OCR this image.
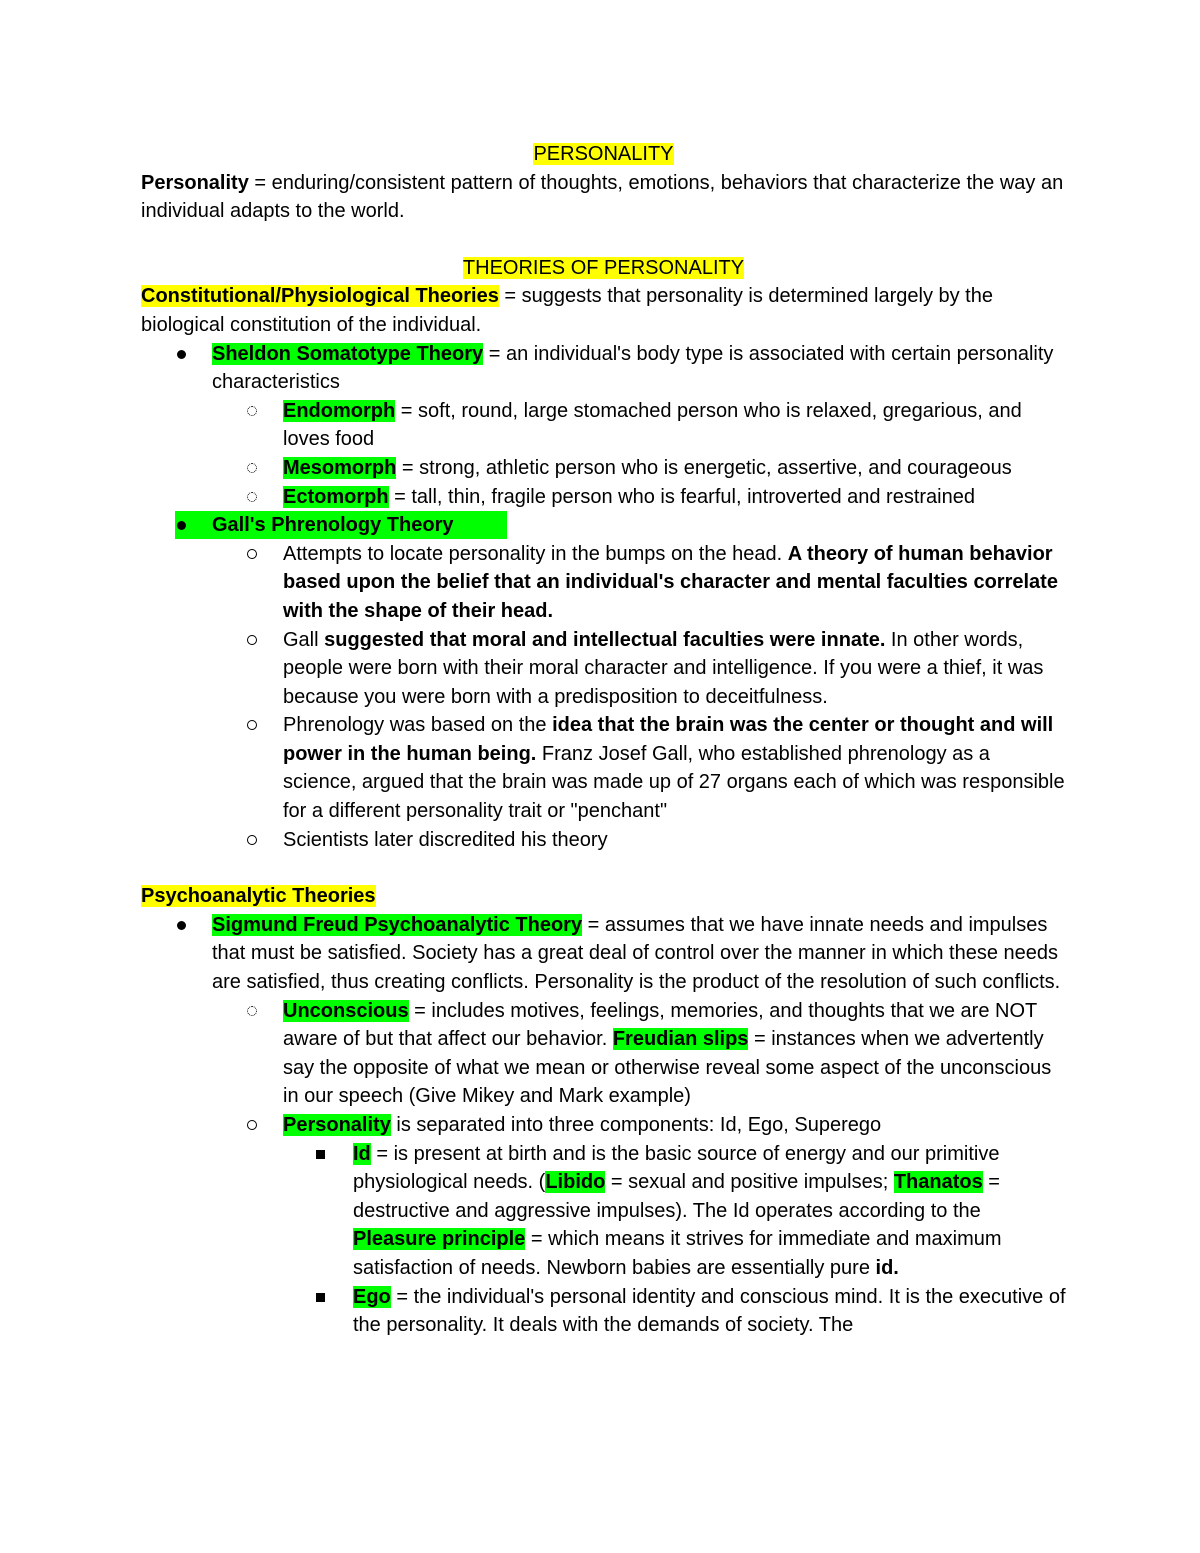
PERSONALITY

Personality = enduring/consistent pattern of thoughts, emotions, behaviors that characterize the way an individual adapts to the world.

THEORIES OF PERSONALITY

Constitutional/Physiological Theories = suggests that personality is determined largely by the biological constitution of the individual.

Sheldon Somatotype Theory = an individual's body type is associated with certain personality characteristics
Endomorph = soft, round, large stomached person who is relaxed, gregarious, and loves food
Mesomorph = strong, athletic person who is energetic, assertive, and courageous
Ectomorph = tall, thin, fragile person who is fearful, introverted and restrained
Gall's Phrenology Theory
Attempts to locate personality in the bumps on the head. A theory of human behavior based upon the belief that an individual's character and mental faculties correlate with the shape of their head.
Gall suggested that moral and intellectual faculties were innate. In other words, people were born with their moral character and intelligence. If you were a thief, it was because you were born with a predisposition to deceitfulness.
Phrenology was based on the idea that the brain was the center or thought and will power in the human being. Franz Josef Gall, who established phrenology as a science, argued that the brain was made up of 27 organs each of which was responsible for a different personality trait or "penchant"
Scientists later discredited his theory

Psychoanalytic Theories

Sigmund Freud Psychoanalytic Theory = assumes that we have innate needs and impulses that must be satisfied. Society has a great deal of control over the manner in which these needs are satisfied, thus creating conflicts. Personality is the product of the resolution of such conflicts.
Unconscious = includes motives, feelings, memories, and thoughts that we are NOT aware of but that affect our behavior. Freudian slips = instances when we advertently say the opposite of what we mean or otherwise reveal some aspect of the unconscious in our speech (Give Mikey and Mark example)
Personality is separated into three components: Id, Ego, Superego
Id = is present at birth and is the basic source of energy and our primitive physiological needs. (Libido = sexual and positive impulses; Thanatos = destructive and aggressive impulses). The Id operates according to the Pleasure principle = which means it strives for immediate and maximum satisfaction of needs. Newborn babies are essentially pure id.
Ego = the individual's personal identity and conscious mind. It is the executive of the personality. It deals with the demands of society. The
